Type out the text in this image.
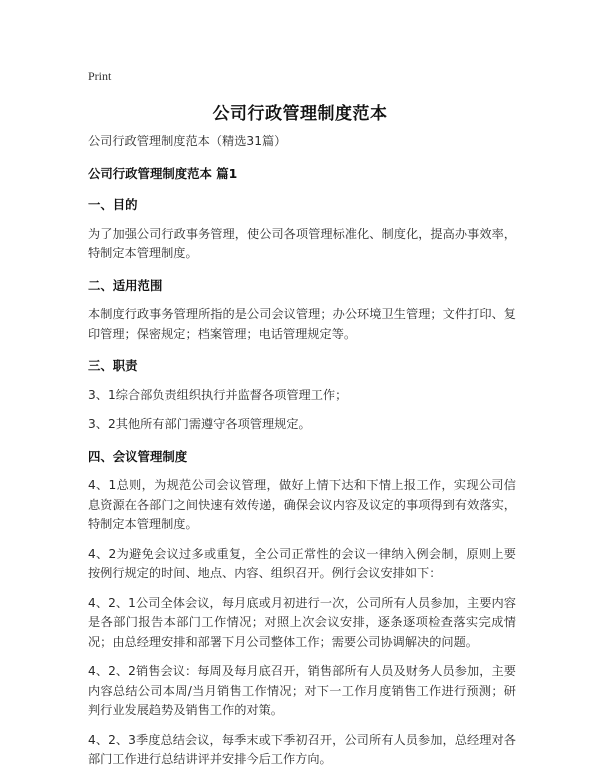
Print
公司行政管理制度范本

公司行政管理制度范本（精选31篇）

公司行政管理制度范本 篇1

一、目的

为了加强公司行政事务管理，使公司各项管理标准化、制度化，提高办事效率，特制定本管理制度。

二、适用范围

本制度行政事务管理所指的是公司会议管理；办公环境卫生管理；文件打印、复印管理；保密规定；档案管理；电话管理规定等。

三、职责

3、1综合部负责组织执行并监督各项管理工作；

3、2其他所有部门需遵守各项管理规定。

四、会议管理制度

4、1总则，为规范公司会议管理，做好上情下达和下情上报工作，实现公司信息资源在各部门之间快速有效传递，确保会议内容及议定的事项得到有效落实，特制定本管理制度。

4、2为避免会议过多或重复，全公司正常性的会议一律纳入例会制，原则上要按例行规定的时间、地点、内容、组织召开。例行会议安排如下：

4、2、1公司全体会议，每月底或月初进行一次，公司所有人员参加，主要内容是各部门报告本部门工作情况；对照上次会议安排，逐条逐项检查落实完成情况；由总经理安排和部署下月公司整体工作；需要公司协调解决的问题。

4、2、2销售会议：每周及每月底召开，销售部所有人员及财务人员参加，主要内容总结公司本周/当月销售工作情况；对下一工作月度销售工作进行预测；研判行业发展趋势及销售工作的对策。

4、2、3季度总结会议，每季末或下季初召开，公司所有人员参加，总经理对各部门工作进行总结讲评并安排今后工作方向。
